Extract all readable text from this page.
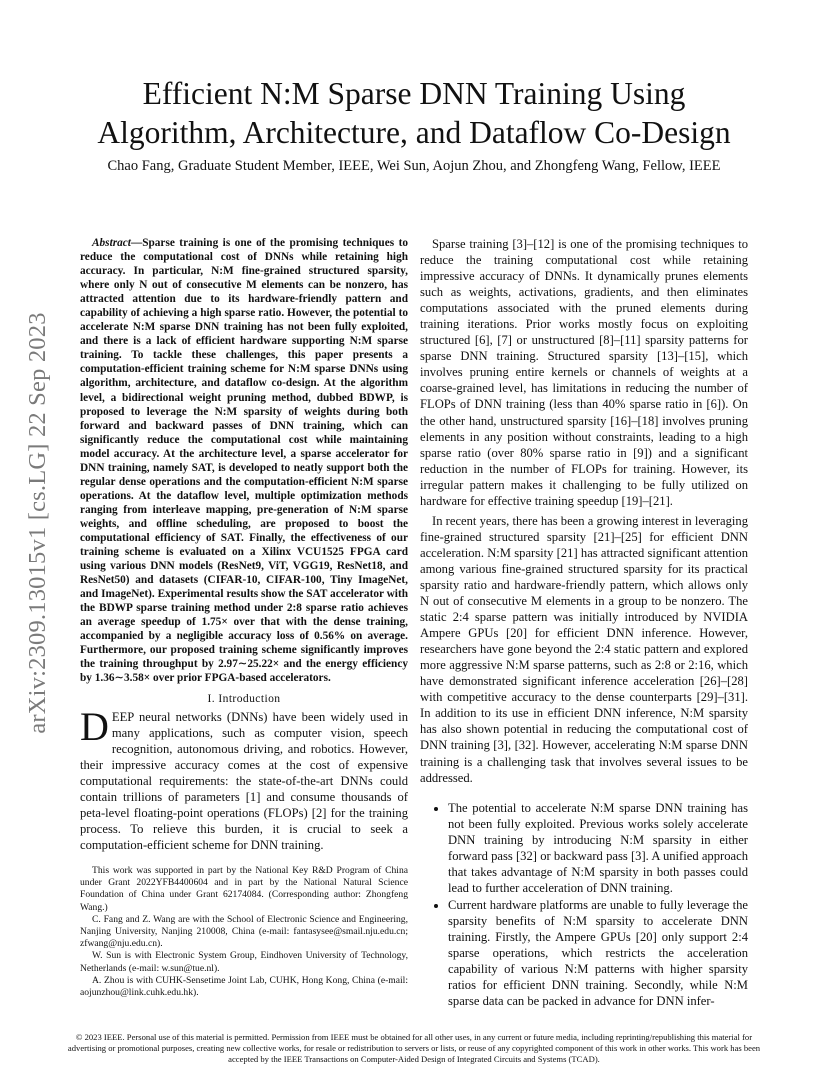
arXiv:2309.13015v1 [cs.LG] 22 Sep 2023
Efficient N:M Sparse DNN Training Using
Algorithm, Architecture, and Dataflow Co-Design
Chao Fang, Graduate Student Member, IEEE, Wei Sun, Aojun Zhou, and Zhongfeng Wang, Fellow, IEEE

Abstract—Sparse training is one of the promising techniques to reduce the computational cost of DNNs while retaining high accuracy. In particular, N:M fine-grained structured sparsity, where only N out of consecutive M elements can be nonzero, has attracted attention due to its hardware-friendly pattern and capability of achieving a high sparse ratio. However, the potential to accelerate N:M sparse DNN training has not been fully exploited, and there is a lack of efficient hardware supporting N:M sparse training. To tackle these challenges, this paper presents a computation-efficient training scheme for N:M sparse DNNs using algorithm, architecture, and dataflow co-design. At the algorithm level, a bidirectional weight pruning method, dubbed BDWP, is proposed to leverage the N:M sparsity of weights during both forward and backward passes of DNN training, which can significantly reduce the computational cost while maintaining model accuracy. At the architecture level, a sparse accelerator for DNN training, namely SAT, is developed to neatly support both the regular dense operations and the computation-efficient N:M sparse operations. At the dataflow level, multiple optimization methods ranging from interleave mapping, pre-generation of N:M sparse weights, and offline scheduling, are proposed to boost the computational efficiency of SAT. Finally, the effectiveness of our training scheme is evaluated on a Xilinx VCU1525 FPGA card using various DNN models (ResNet9, ViT, VGG19, ResNet18, and ResNet50) and datasets (CIFAR-10, CIFAR-100, Tiny ImageNet, and ImageNet). Experimental results show the SAT accelerator with the BDWP sparse training method under 2:8 sparse ratio achieves an average speedup of 1.75× over that with the dense training, accompanied by a negligible accuracy loss of 0.56% on average. Furthermore, our proposed training scheme significantly improves the training throughput by 2.97∼25.22× and the energy efficiency by 1.36∼3.58× over prior FPGA-based accelerators.

I. Introduction

DEEP neural networks (DNNs) have been widely used in many applications, such as computer vision, speech recognition, autonomous driving, and robotics. However, their impressive accuracy comes at the cost of expensive computational requirements: the state-of-the-art DNNs could contain trillions of parameters [1] and consume thousands of peta-level floating-point operations (FLOPs) [2] for the training process. To relieve this burden, it is crucial to seek a computation-efficient scheme for DNN training.

This work was supported in part by the National Key R&D Program of China under Grant 2022YFB4400604 and in part by the National Natural Science Foundation of China under Grant 62174084. (Corresponding author: Zhongfeng Wang.)

C. Fang and Z. Wang are with the School of Electronic Science and Engineering, Nanjing University, Nanjing 210008, China (e-mail: fantasysee@smail.nju.edu.cn; zfwang@nju.edu.cn).

W. Sun is with Electronic System Group, Eindhoven University of Technology, Netherlands (e-mail: w.sun@tue.nl).

A. Zhou is with CUHK-Sensetime Joint Lab, CUHK, Hong Kong, China (e-mail: aojunzhou@link.cuhk.edu.hk).

Sparse training [3]–[12] is one of the promising techniques to reduce the training computational cost while retaining impressive accuracy of DNNs. It dynamically prunes elements such as weights, activations, gradients, and then eliminates computations associated with the pruned elements during training iterations. Prior works mostly focus on exploiting structured [6], [7] or unstructured [8]–[11] sparsity patterns for sparse DNN training. Structured sparsity [13]–[15], which involves pruning entire kernels or channels of weights at a coarse-grained level, has limitations in reducing the number of FLOPs of DNN training (less than 40% sparse ratio in [6]). On the other hand, unstructured sparsity [16]–[18] involves pruning elements in any position without constraints, leading to a high sparse ratio (over 80% sparse ratio in [9]) and a significant reduction in the number of FLOPs for training. However, its irregular pattern makes it challenging to be fully utilized on hardware for effective training speedup [19]–[21].

In recent years, there has been a growing interest in leveraging fine-grained structured sparsity [21]–[25] for efficient DNN acceleration. N:M sparsity [21] has attracted significant attention among various fine-grained structured sparsity for its practical sparsity ratio and hardware-friendly pattern, which allows only N out of consecutive M elements in a group to be nonzero. The static 2:4 sparse pattern was initially introduced by NVIDIA Ampere GPUs [20] for efficient DNN inference. However, researchers have gone beyond the 2:4 static pattern and explored more aggressive N:M sparse patterns, such as 2:8 or 2:16, which have demonstrated significant inference acceleration [26]–[28] with competitive accuracy to the dense counterparts [29]–[31]. In addition to its use in efficient DNN inference, N:M sparsity has also shown potential in reducing the computational cost of DNN training [3], [32]. However, accelerating N:M sparse DNN training is a challenging task that involves several issues to be addressed.

• The potential to accelerate N:M sparse DNN training has not been fully exploited. Previous works solely accelerate DNN training by introducing N:M sparsity in either forward pass [32] or backward pass [3]. A unified approach that takes advantage of N:M sparsity in both passes could lead to further acceleration of DNN training.
• Current hardware platforms are unable to fully leverage the sparsity benefits of N:M sparsity to accelerate DNN training. Firstly, the Ampere GPUs [20] only support 2:4 sparse operations, which restricts the acceleration capability of various N:M patterns with higher sparsity ratios for efficient DNN training. Secondly, while N:M sparse data can be packed in advance for DNN infer-
© 2023 IEEE. Personal use of this material is permitted. Permission from IEEE must be obtained for all other uses, in any current or future media, including reprinting/republishing this material for advertising or promotional purposes, creating new collective works, for resale or redistribution to servers or lists, or reuse of any copyrighted component of this work in other works. This work has been accepted by the IEEE Transactions on Computer-Aided Design of Integrated Circuits and Systems (TCAD).
